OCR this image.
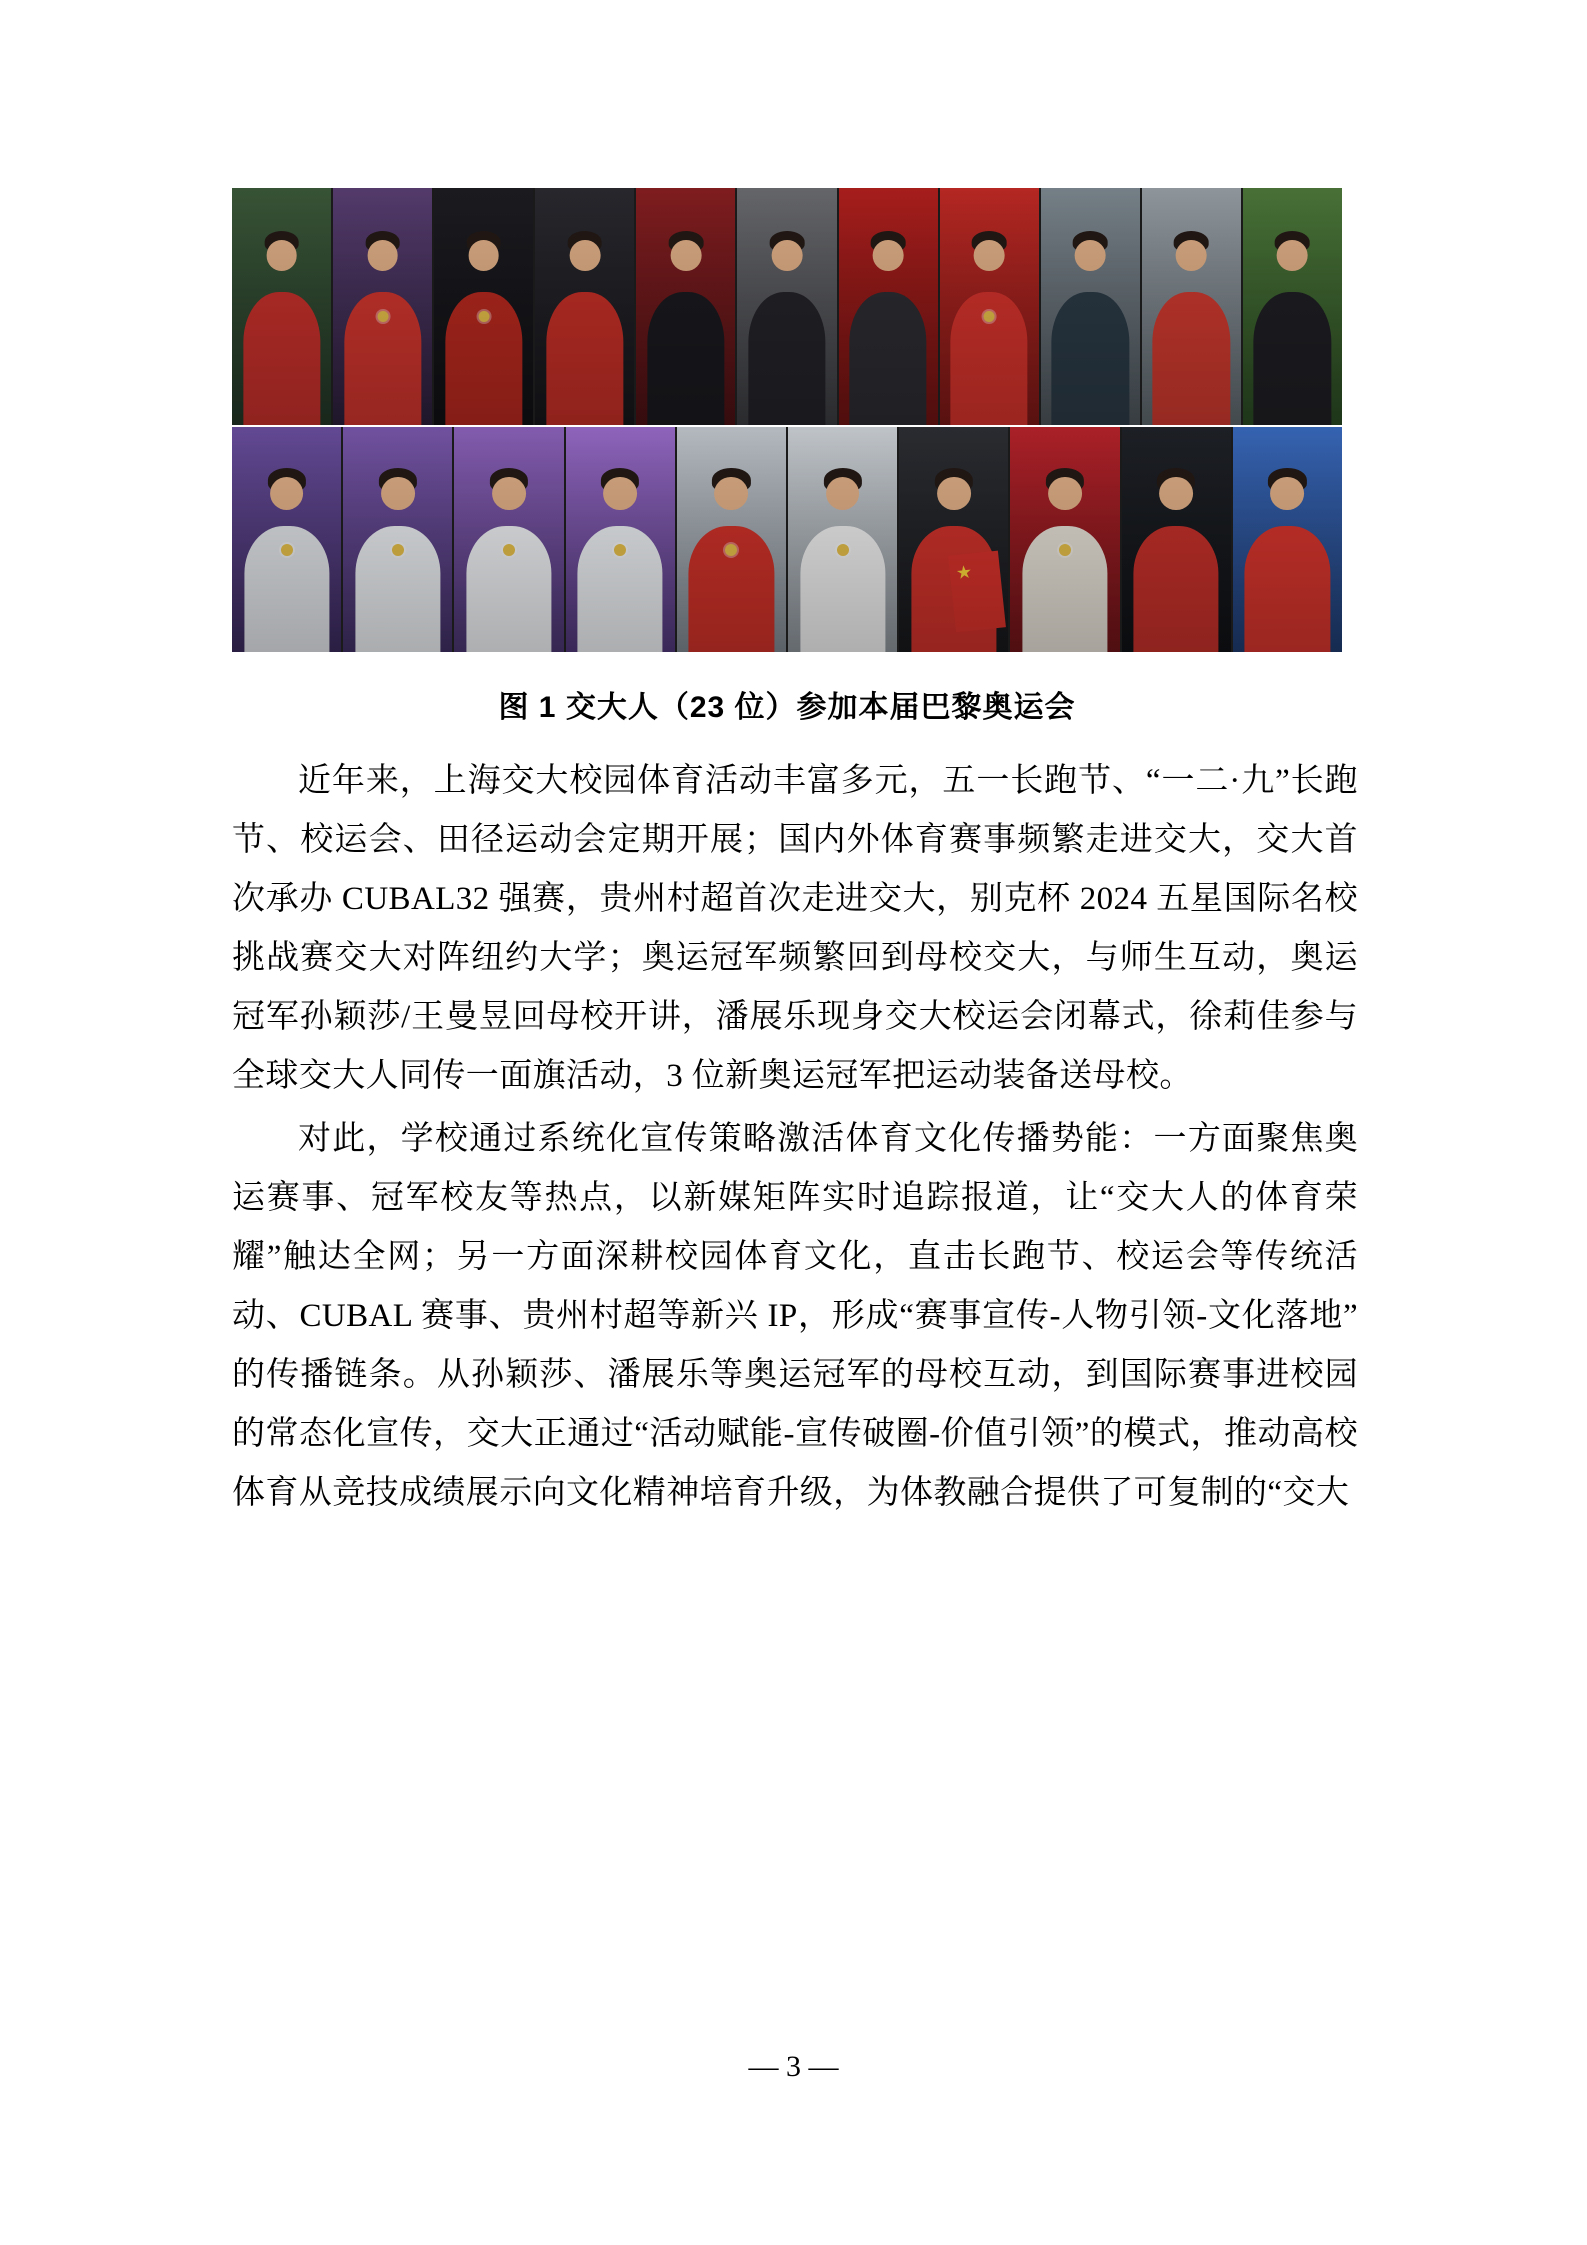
★
图 1 交大人（23 位）参加本届巴黎奥运会

近年来，上海交大校园体育活动丰富多元，五一长跑节、“一二·九”长跑节、校运会、田径运动会定期开展；国内外体育赛事频繁走进交大，交大首次承办 CUBAL32 强赛，贵州村超首次走进交大，别克杯 2024 五星国际名校挑战赛交大对阵纽约大学；奥运冠军频繁回到母校交大，与师生互动，奥运冠军孙颖莎/王曼昱回母校开讲，潘展乐现身交大校运会闭幕式，徐莉佳参与全球交大人同传一面旗活动，3 位新奥运冠军把运动装备送母校。

对此，学校通过系统化宣传策略激活体育文化传播势能：一方面聚焦奥运赛事、冠军校友等热点，以新媒矩阵实时追踪报道，让“交大人的体育荣耀”触达全网；另一方面深耕校园体育文化，直击长跑节、校运会等传统活动、CUBAL 赛事、贵州村超等新兴 IP，形成“赛事宣传-人物引领-文化落地”的传播链条。从孙颖莎、潘展乐等奥运冠军的母校互动，到国际赛事进校园的常态化宣传，交大正通过“活动赋能-宣传破圈-价值引领”的模式，推动高校体育从竞技成绩展示向文化精神培育升级，为体教融合提供了可复制的“交大

— 3 —
